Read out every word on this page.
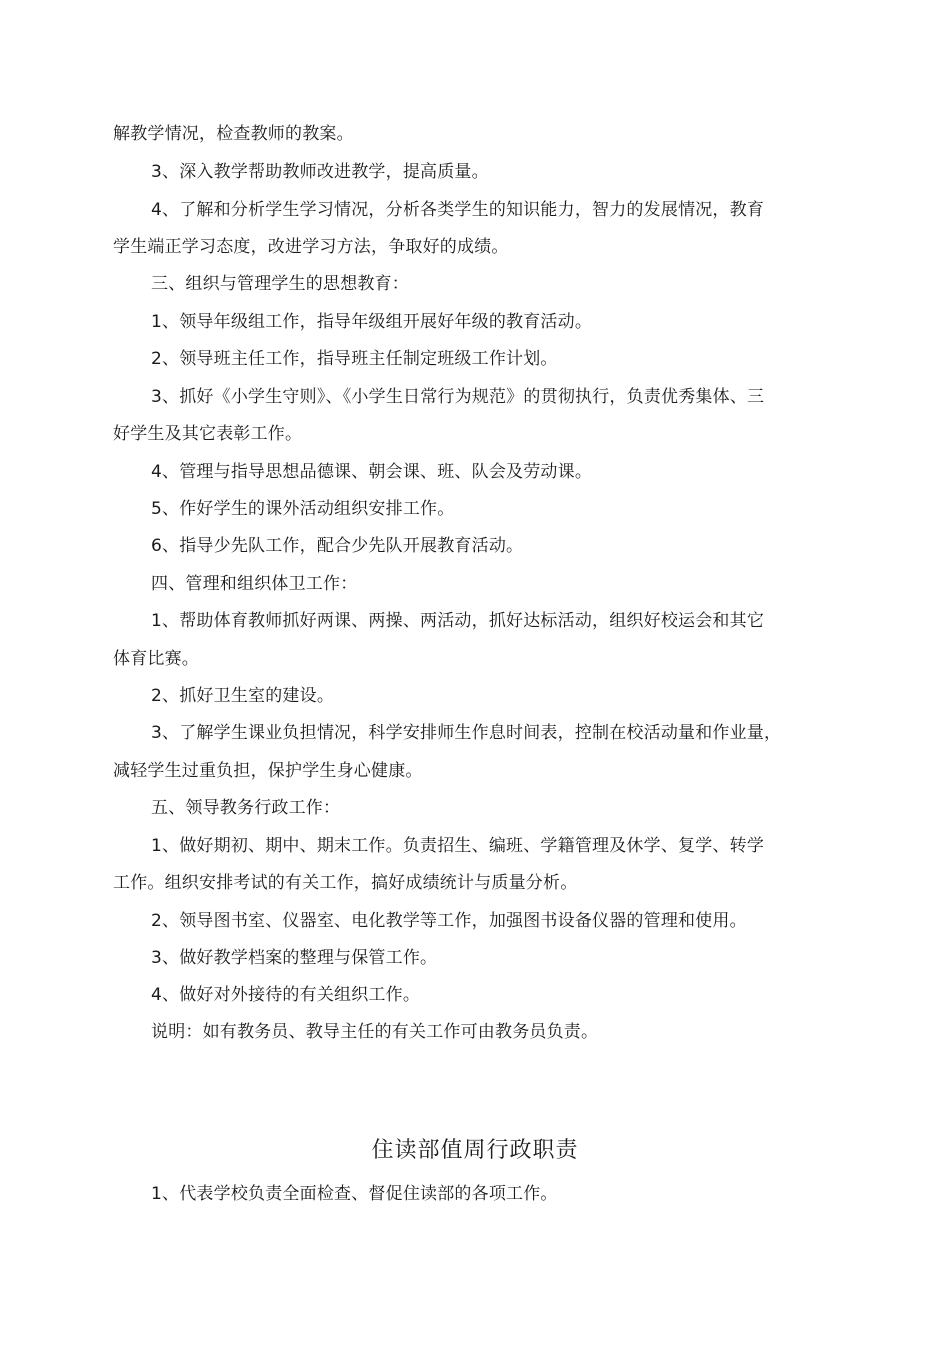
解教学情况，检查教师的教案。
3、深入教学帮助教师改进教学，提高质量。
4、了解和分析学生学习情况，分析各类学生的知识能力，智力的发展情况，教育
学生端正学习态度，改进学习方法，争取好的成绩。
三、组织与管理学生的思想教育：
1、领导年级组工作，指导年级组开展好年级的教育活动。
2、领导班主任工作，指导班主任制定班级工作计划。
3、抓好《小学生守则》、《小学生日常行为规范》的贯彻执行，负责优秀集体、三
好学生及其它表彰工作。
4、管理与指导思想品德课、朝会课、班、队会及劳动课。
5、作好学生的课外活动组织安排工作。
6、指导少先队工作，配合少先队开展教育活动。
四、管理和组织体卫工作：
1、帮助体育教师抓好两课、两操、两活动，抓好达标活动，组织好校运会和其它
体育比赛。
2、抓好卫生室的建设。
3、了解学生课业负担情况，科学安排师生作息时间表，控制在校活动量和作业量，
减轻学生过重负担，保护学生身心健康。
五、领导教务行政工作：
1、做好期初、期中、期末工作。负责招生、编班、学籍管理及休学、复学、转学
工作。组织安排考试的有关工作，搞好成绩统计与质量分析。
2、领导图书室、仪器室、电化教学等工作，加强图书设备仪器的管理和使用。
3、做好教学档案的整理与保管工作。
4、做好对外接待的有关组织工作。
说明：如有教务员、教导主任的有关工作可由教务员负责。
住读部值周行政职责
1、代表学校负责全面检查、督促住读部的各项工作。
